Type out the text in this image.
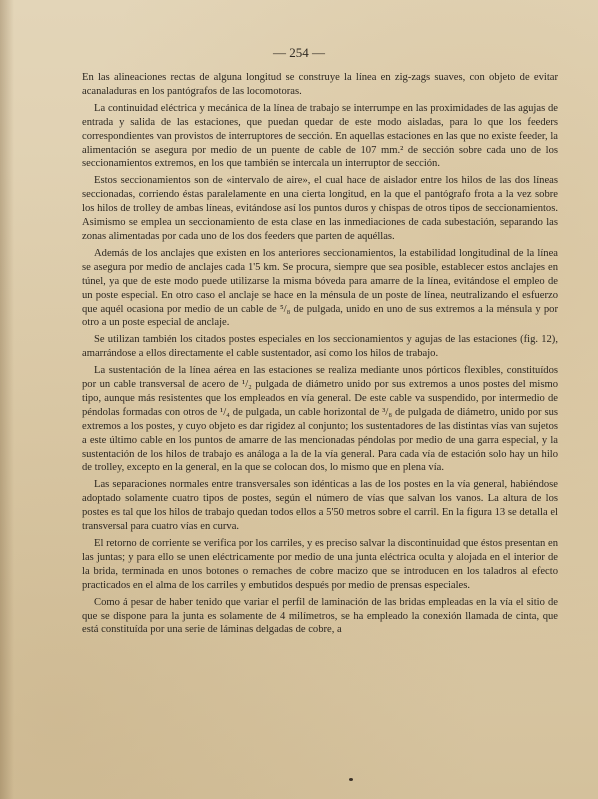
— 254 —

En las alineaciones rectas de alguna longitud se construye la línea en zig-zags suaves, con objeto de evitar acanaladuras en los pantógrafos de las locomotoras.

La continuidad eléctrica y mecánica de la línea de trabajo se interrumpe en las proximidades de las agujas de entrada y salida de las estaciones, que puedan quedar de este modo aisladas, para lo que los feeders correspondientes van provistos de interruptores de sección. En aquellas estaciones en las que no existe feeder, la alimentación se asegura por medio de un puente de cable de 107 mm.² de sección sobre cada uno de los seccionamientos extremos, en los que también se intercala un interruptor de sección.

Estos seccionamientos son de «intervalo de aire», el cual hace de aislador entre los hilos de las dos líneas seccionadas, corriendo éstas paralelamente en una cierta longitud, en la que el pantógrafo frota a la vez sobre los hilos de trolley de ambas líneas, evitándose así los puntos duros y chispas de otros tipos de seccionamientos. Asimismo se emplea un seccionamiento de esta clase en las inmediaciones de cada subestación, separando las zonas alimentadas por cada uno de los dos feeders que parten de aquéllas.

Además de los anclajes que existen en los anteriores seccionamientos, la estabilidad longitudinal de la línea se asegura por medio de anclajes cada 1'5 km. Se procura, siempre que sea posible, establecer estos anclajes en túnel, ya que de este modo puede utilizarse la misma bóveda para amarre de la línea, evitándose el empleo de un poste especial. En otro caso el anclaje se hace en la ménsula de un poste de línea, neutralizando el esfuerzo que aquél ocasiona por medio de un cable de ⁵/₈ de pulgada, unido en uno de sus extremos a la ménsula y por otro a un poste especial de anclaje.

Se utilizan también los citados postes especiales en los seccionamientos y agujas de las estaciones (fig. 12), amarrándose a ellos directamente el cable sustentador, así como los hilos de trabajo.

La sustentación de la línea aérea en las estaciones se realiza mediante unos pórticos flexibles, constituídos por un cable transversal de acero de ¹/₂ pulgada de diámetro unido por sus extremos a unos postes del mismo tipo, aunque más resistentes que los empleados en vía general. De este cable va suspendido, por intermedio de péndolas formadas con otros de ¹/₄ de pulgada, un cable horizontal de ³/₈ de pulgada de diámetro, unido por sus extremos a los postes, y cuyo objeto es dar rigidez al conjunto; los sustentadores de las distintas vías van sujetos a este último cable en los puntos de amarre de las mencionadas péndolas por medio de una garra especial, y la sustentación de los hilos de trabajo es análoga a la de la vía general. Para cada vía de estación solo hay un hilo de trolley, excepto en la general, en la que se colocan dos, lo mismo que en plena vía.

Las separaciones normales entre transversales son idénticas a las de los postes en la vía general, habiéndose adoptado solamente cuatro tipos de postes, según el número de vías que salvan los vanos. La altura de los postes es tal que los hilos de trabajo quedan todos ellos a 5'50 metros sobre el carril. En la figura 13 se detalla el transversal para cuatro vías en curva.

El retorno de corriente se verifica por los carriles, y es preciso salvar la discontinuidad que éstos presentan en las juntas; y para ello se unen eléctricamente por medio de una junta eléctrica oculta y alojada en el interior de la brida, terminada en unos botones o remaches de cobre macizo que se introducen en los taladros al efecto practicados en el alma de los carriles y embutidos después por medio de prensas especiales.

Como á pesar de haber tenido que variar el perfil de laminación de las bridas empleadas en la vía el sitio de que se dispone para la junta es solamente de 4 milímetros, se ha empleado la conexión llamada de cinta, que está constituída por una serie de láminas delgadas de cobre, a
